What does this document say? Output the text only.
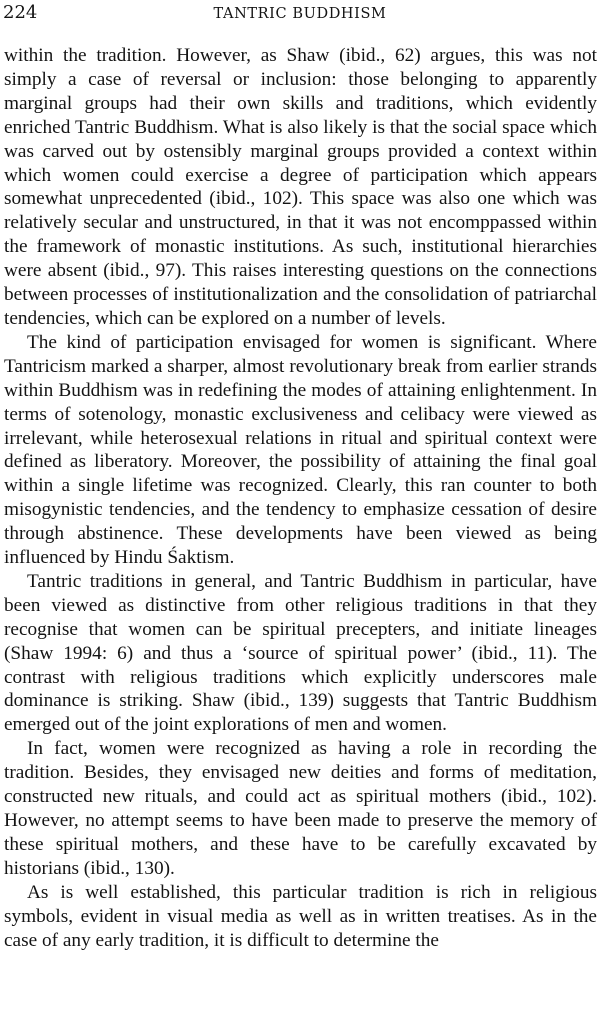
224	TANTRIC BUDDHISM

within the tradition. However, as Shaw (ibid., 62) argues, this was not simply a case of reversal or inclusion: those belonging to apparently marginal groups had their own skills and traditions, which evidently enriched Tantric Buddhism. What is also likely is that the social space which was carved out by ostensibly marginal groups provided a context within which women could exercise a degree of participation which appears somewhat unprecedented (ibid., 102). This space was also one which was relatively secular and unstructured, in that it was not encomppassed within the framework of monastic institutions. As such, institutional hierarchies were absent (ibid., 97). This raises interesting questions on the connections between processes of institutionalization and the consolidation of patriarchal tendencies, which can be explored on a number of levels.

The kind of participation envisaged for women is significant. Where Tantricism marked a sharper, almost revolutionary break from earlier strands within Buddhism was in redefining the modes of attaining enlightenment. In terms of sotenology, monastic exclusiveness and celibacy were viewed as irrelevant, while heterosexual relations in ritual and spiritual context were defined as liberatory. Moreover, the possibility of attaining the final goal within a single lifetime was recognized. Clearly, this ran counter to both misogynistic tendencies, and the tendency to emphasize cessation of desire through abstinence. These developments have been viewed as being influenced by Hindu Śaktism.

Tantric traditions in general, and Tantric Buddhism in particular, have been viewed as distinctive from other religious traditions in that they recognise that women can be spiritual precepters, and initiate lineages (Shaw 1994: 6) and thus a ‘source of spiritual power’ (ibid., 11). The contrast with religious traditions which explicitly underscores male dominance is striking. Shaw (ibid., 139) suggests that Tantric Buddhism emerged out of the joint explorations of men and women.

In fact, women were recognized as having a role in recording the tradition. Besides, they envisaged new deities and forms of meditation, constructed new rituals, and could act as spiritual mothers (ibid., 102). However, no attempt seems to have been made to preserve the memory of these spiritual mothers, and these have to be carefully excavated by historians (ibid., 130).

As is well established, this particular tradition is rich in religious symbols, evident in visual media as well as in written treatises. As in the case of any early tradition, it is difficult to determine the
